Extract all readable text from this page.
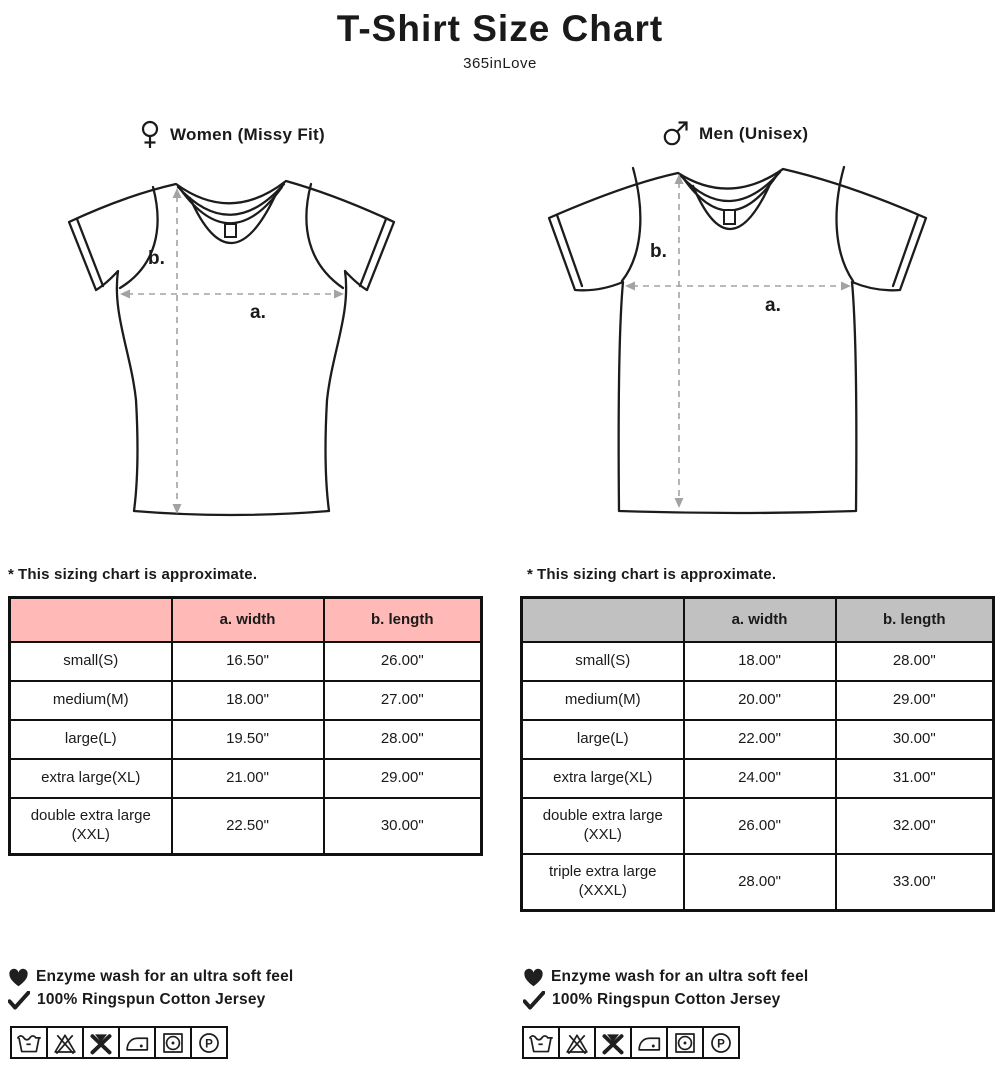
T-Shirt Size Chart
365inLove
Women (Missy Fit)
b.
a.
* This sizing chart is approximate.
	a. width	b. length
small(S)	16.50"	26.00"
medium(M)	18.00"	27.00"
large(L)	19.50"	28.00"
extra large(XL)	21.00"	29.00"
double extra large (XXL)	22.50"	30.00"
Enzyme wash for an ultra soft feel
100% Ringspun Cotton Jersey
P
Men (Unisex)
b.
a.
* This sizing chart is approximate.
	a. width	b. length
small(S)	18.00"	28.00"
medium(M)	20.00"	29.00"
large(L)	22.00"	30.00"
extra large(XL)	24.00"	31.00"
double extra large (XXL)	26.00"	32.00"
triple extra large (XXXL)	28.00"	33.00"
Enzyme wash for an ultra soft feel
100% Ringspun Cotton Jersey
P
